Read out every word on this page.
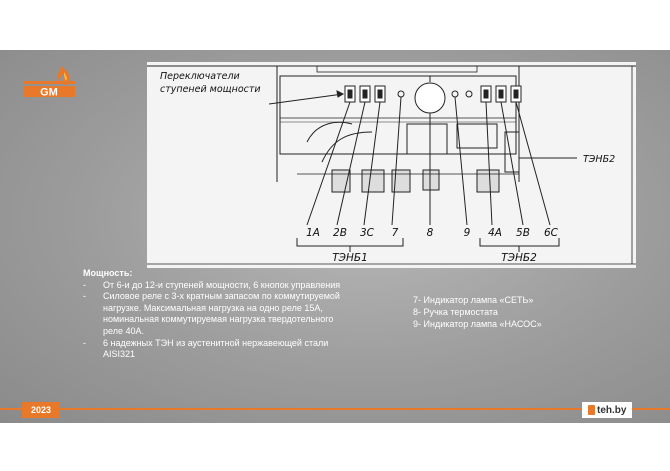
GM
Переключатели
ступеней мощности
ТЭНБ2
1А 2В 3С 7	8	9 4А 5В 6С
ТЭНБ1	ТЭНБ2
Мощность:
- От 6-и до 12-и ступеней мощности, 6 кнопок управления
- Силовое реле с 3-х кратным запасом по коммутируемой нагрузке. Максимальная нагрузка на одно реле 15А, номинальная коммутируемая нагрузка твердотельного реле 40А.
- 6 надежных ТЭН из аустенитной нержавеющей стали AISI321
7- Индикатор лампа «СЕТЬ»
8- Ручка термостата
9- Индикатор лампа «НАСОС»
2023	teh.by
